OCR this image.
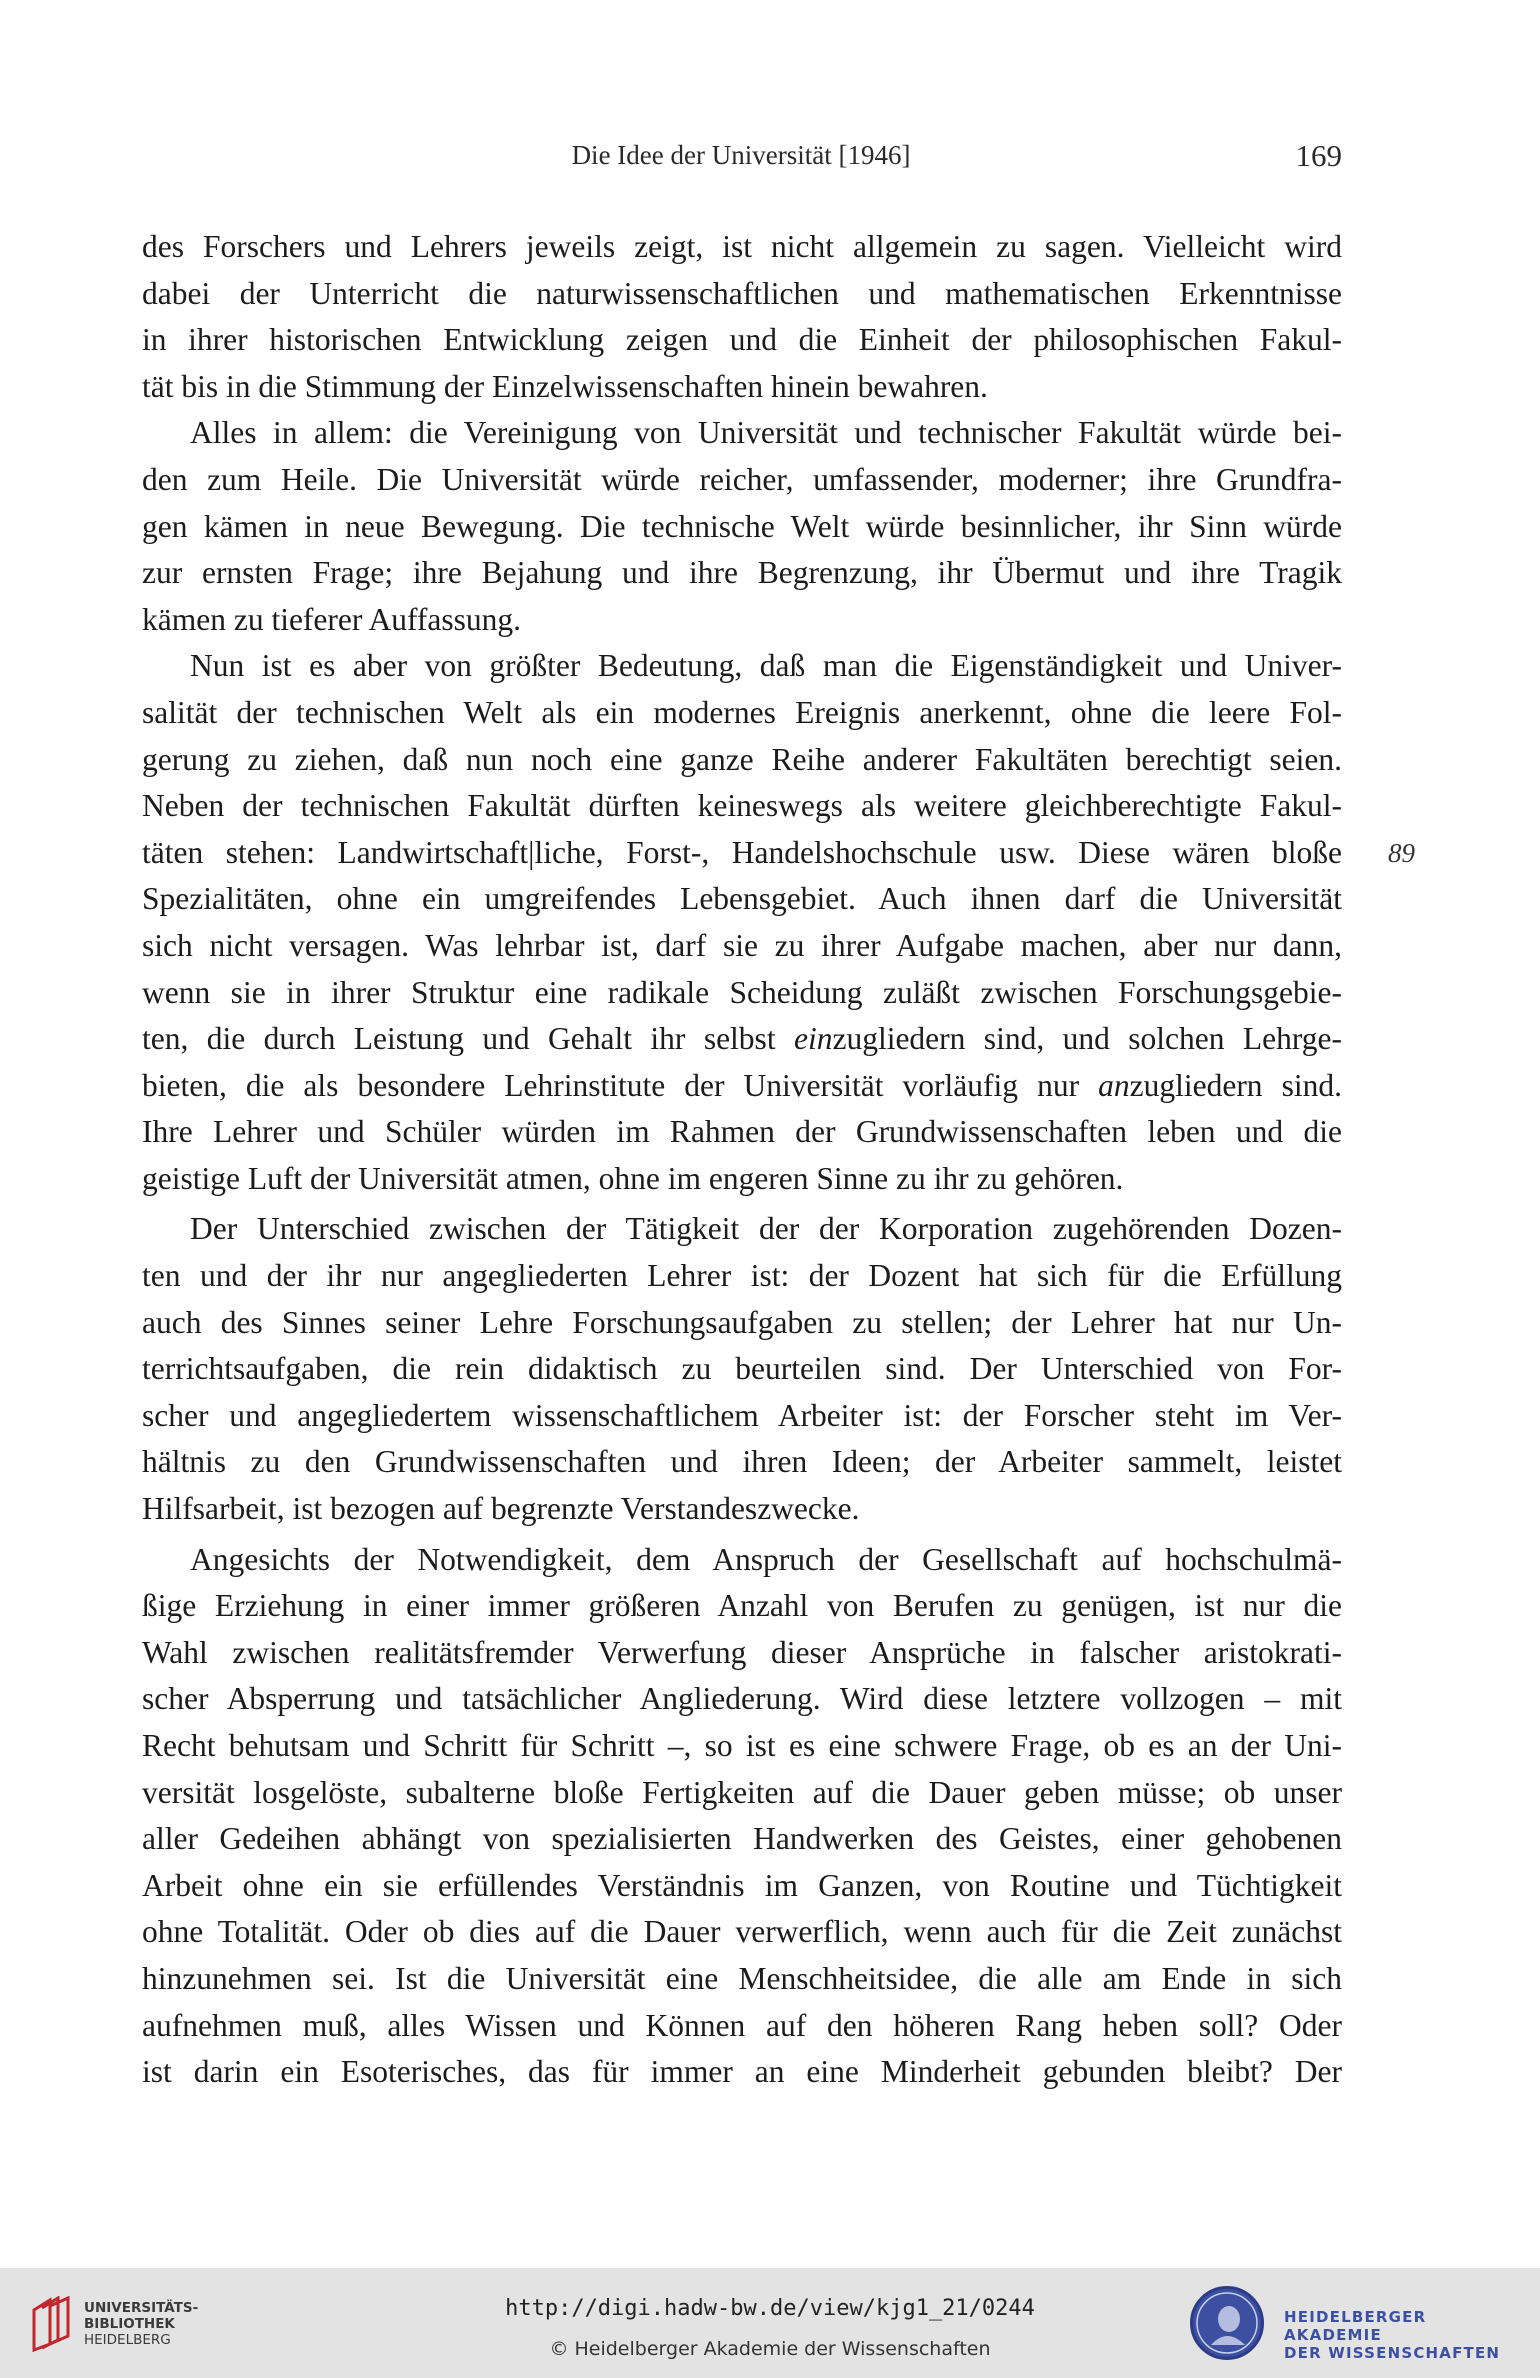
Die Idee der Universität [1946]	169
des Forschers und Lehrers jeweils zeigt, ist nicht allgemein zu sagen. Vielleicht wird
dabei der Unterricht die naturwissenschaftlichen und mathematischen Erkenntnisse
in ihrer historischen Entwicklung zeigen und die Einheit der philosophischen Fakul-
tät bis in die Stimmung der Einzelwissenschaften hinein bewahren.
Alles in allem: die Vereinigung von Universität und technischer Fakultät würde bei-
den zum Heile. Die Universität würde reicher, umfassender, moderner; ihre Grundfra-
gen kämen in neue Bewegung. Die technische Welt würde besinnlicher, ihr Sinn würde
zur ernsten Frage; ihre Bejahung und ihre Begrenzung, ihr Übermut und ihre Tragik
kämen zu tieferer Auffassung.
Nun ist es aber von größter Bedeutung, daß man die Eigenständigkeit und Univer-
salität der technischen Welt als ein modernes Ereignis anerkennt, ohne die leere Fol-
gerung zu ziehen, daß nun noch eine ganze Reihe anderer Fakultäten berechtigt seien.
Neben der technischen Fakultät dürften keineswegs als weitere gleichberechtigte Fakul-
täten stehen: Landwirtschaft|liche, Forst-, Handelshochschule usw. Diese wären bloße
Spezialitäten, ohne ein umgreifendes Lebensgebiet. Auch ihnen darf die Universität
sich nicht versagen. Was lehrbar ist, darf sie zu ihrer Aufgabe machen, aber nur dann,
wenn sie in ihrer Struktur eine radikale Scheidung zuläßt zwischen Forschungsgebie-
ten, die durch Leistung und Gehalt ihr selbst einzugliedern sind, und solchen Lehrge-
bieten, die als besondere Lehrinstitute der Universität vorläufig nur anzugliedern sind.
Ihre Lehrer und Schüler würden im Rahmen der Grundwissenschaften leben und die
geistige Luft der Universität atmen, ohne im engeren Sinne zu ihr zu gehören.
Der Unterschied zwischen der Tätigkeit der der Korporation zugehörenden Dozen-
ten und der ihr nur angegliederten Lehrer ist: der Dozent hat sich für die Erfüllung
auch des Sinnes seiner Lehre Forschungsaufgaben zu stellen; der Lehrer hat nur Un-
terrichtsaufgaben, die rein didaktisch zu beurteilen sind. Der Unterschied von For-
scher und angegliedertem wissenschaftlichem Arbeiter ist: der Forscher steht im Ver-
hältnis zu den Grundwissenschaften und ihren Ideen; der Arbeiter sammelt, leistet
Hilfsarbeit, ist bezogen auf begrenzte Verstandeszwecke.
Angesichts der Notwendigkeit, dem Anspruch der Gesellschaft auf hochschulmä-
ßige Erziehung in einer immer größeren Anzahl von Berufen zu genügen, ist nur die
Wahl zwischen realitätsfremder Verwerfung dieser Ansprüche in falscher aristokrati-
scher Absperrung und tatsächlicher Angliederung. Wird diese letztere vollzogen – mit
Recht behutsam und Schritt für Schritt –, so ist es eine schwere Frage, ob es an der Uni-
versität losgelöste, subalterne bloße Fertigkeiten auf die Dauer geben müsse; ob unser
aller Gedeihen abhängt von spezialisierten Handwerken des Geistes, einer gehobenen
Arbeit ohne ein sie erfüllendes Verständnis im Ganzen, von Routine und Tüchtigkeit
ohne Totalität. Oder ob dies auf die Dauer verwerflich, wenn auch für die Zeit zunächst
hinzunehmen sei. Ist die Universität eine Menschheitsidee, die alle am Ende in sich
aufnehmen muß, alles Wissen und Können auf den höheren Rang heben soll? Oder
ist darin ein Esoterisches, das für immer an eine Minderheit gebunden bleibt? Der
89
UNIVERSITÄTS-
BIBLIOTHEK
HEIDELBERG
http://digi.hadw-bw.de/view/kjg1_21/0244
© Heidelberger Akademie der Wissenschaften
HEIDELBERGER AKADEMIE
DER WISSENSCHAFTEN
